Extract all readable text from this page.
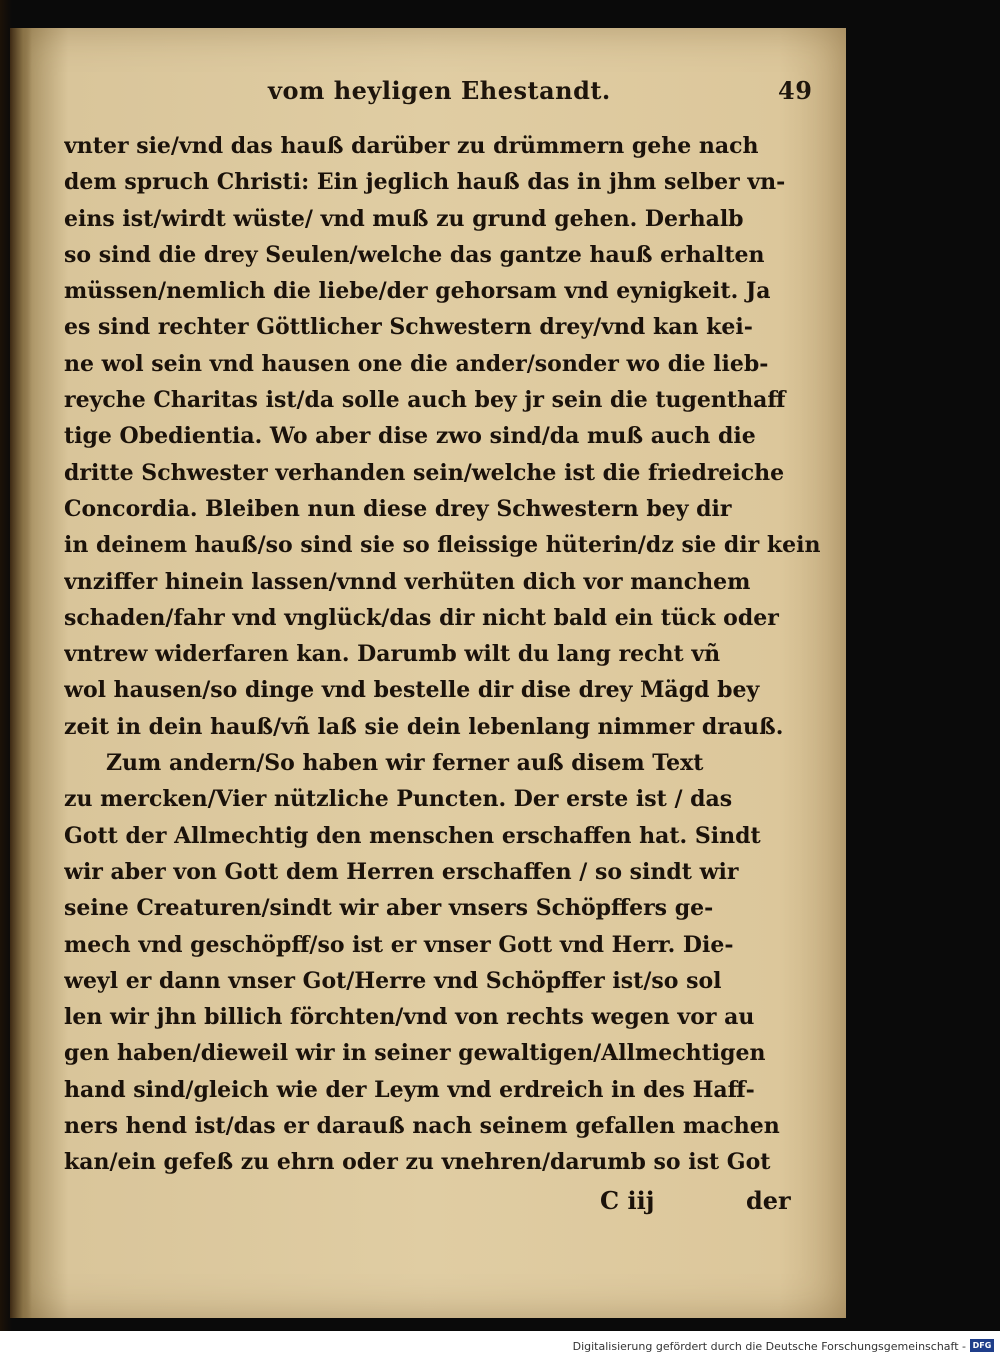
vom heyligen Ehestandt.	49
vnter sie/vnd das hauß darüber zu drümmern gehe nach
dem spruch Christi: Ein jeglich hauß das in jhm selber vn-
eins ist/wirdt wüste/ vnd muß zu grund gehen. Derhalb
so sind die drey Seulen/welche das gantze hauß erhalten
müssen/nemlich die liebe/der gehorsam vnd eynigkeit. Ja
es sind rechter Göttlicher Schwestern drey/vnd kan kei-
ne wol sein vnd hausen one die ander/sonder wo die lieb-
reyche Charitas ist/da solle auch bey jr sein die tugenthaff
tige Obedientia. Wo aber dise zwo sind/da muß auch die
dritte Schwester verhanden sein/welche ist die friedreiche
Concordia. Bleiben nun diese drey Schwestern bey dir
in deinem hauß/so sind sie so fleissige hüterin/dz sie dir kein
vnziffer hinein lassen/vnnd verhüten dich vor manchem
schaden/fahr vnd vnglück/das dir nicht bald ein tück oder
vntrew widerfaren kan. Darumb wilt du lang recht vñ
wol hausen/so dinge vnd bestelle dir dise drey Mägd bey
zeit in dein hauß/vñ laß sie dein lebenlang nimmer drauß.
Zum andern/So haben wir ferner auß disem Text
zu mercken/Vier nützliche Puncten. Der erste ist / das
Gott der Allmechtig den menschen erschaffen hat. Sindt
wir aber von Gott dem Herren erschaffen / so sindt wir
seine Creaturen/sindt wir aber vnsers Schöpffers ge-
mech vnd geschöpff/so ist er vnser Gott vnd Herr. Die-
weyl er dann vnser Got/Herre vnd Schöpffer ist/so sol
len wir jhn billich förchten/vnd von rechts wegen vor au
gen haben/dieweil wir in seiner gewaltigen/Allmechtigen
hand sind/gleich wie der Leym vnd erdreich in des Haff-
ners hend ist/das er darauß nach seinem gefallen machen
kan/ein gefeß zu ehrn oder zu vnehren/darumb so ist Got
C iij	der
Digitalisierung gefördert durch die Deutsche Forschungsgemeinschaft - DFG
